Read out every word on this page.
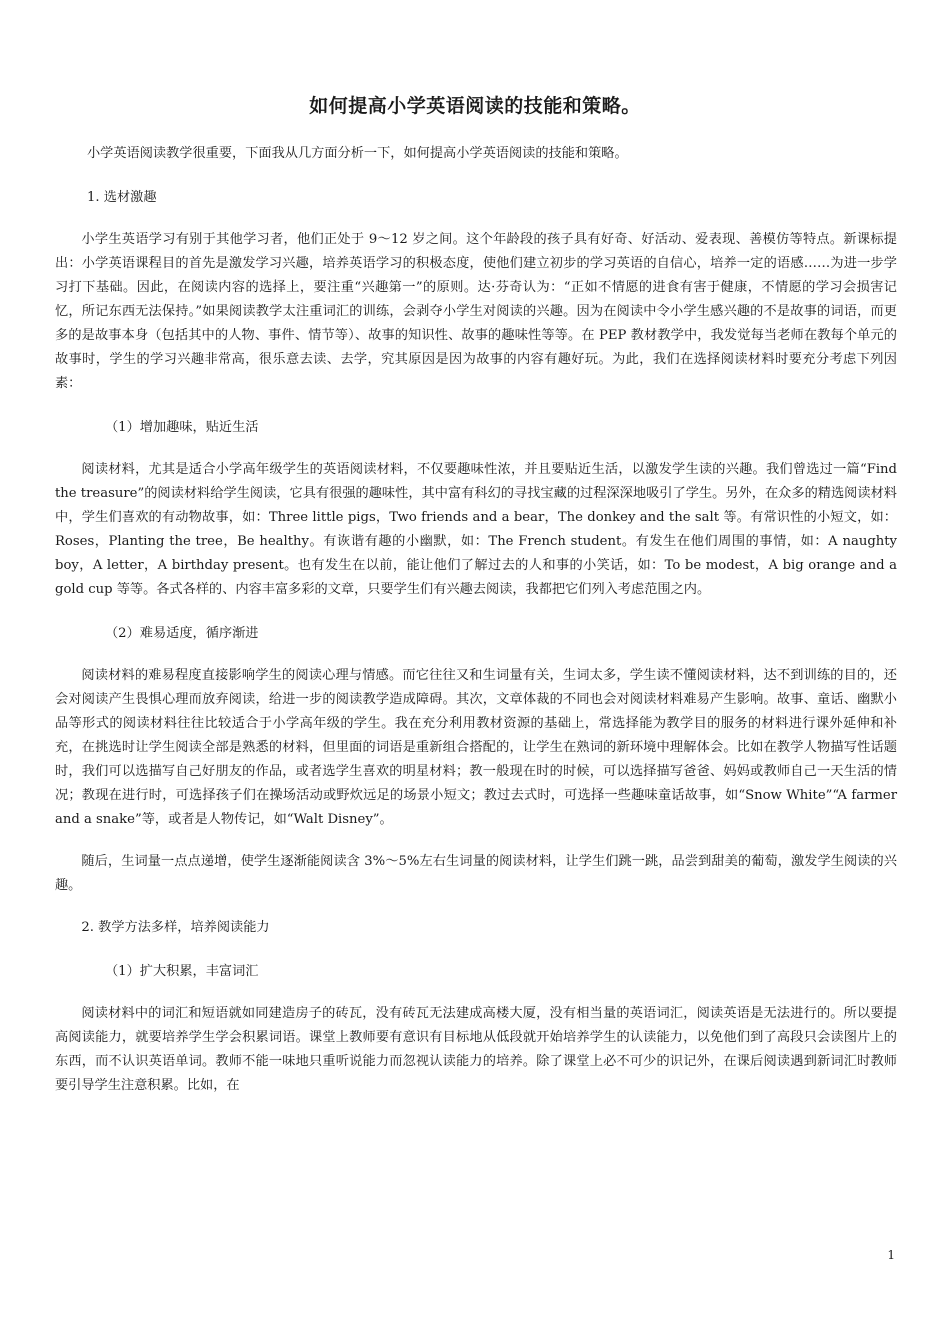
如何提高小学英语阅读的技能和策略。

小学英语阅读教学很重要，下面我从几方面分析一下，如何提高小学英语阅读的技能和策略。

1. 选材激趣

小学生英语学习有别于其他学习者，他们正处于 9～12 岁之间。这个年龄段的孩子具有好奇、好活动、爱表现、善模仿等特点。新课标提出：小学英语课程目的首先是激发学习兴趣，培养英语学习的积极态度，使他们建立初步的学习英语的自信心，培养一定的语感……为进一步学习打下基础。因此，在阅读内容的选择上，要注重“兴趣第一”的原则。达·芬奇认为：“正如不情愿的进食有害于健康，不情愿的学习会损害记忆，所记东西无法保持。”如果阅读教学太注重词汇的训练，会剥夺小学生对阅读的兴趣。因为在阅读中令小学生感兴趣的不是故事的词语，而更多的是故事本身（包括其中的人物、事件、情节等）、故事的知识性、故事的趣味性等等。在 PEP 教材教学中，我发觉每当老师在教每个单元的故事时，学生的学习兴趣非常高，很乐意去读、去学，究其原因是因为故事的内容有趣好玩。为此，我们在选择阅读材料时要充分考虑下列因素：

（1）增加趣味，贴近生活

阅读材料，尤其是适合小学高年级学生的英语阅读材料，不仅要趣味性浓，并且要贴近生活，以激发学生读的兴趣。我们曾选过一篇“Find the treasure”的阅读材料给学生阅读，它具有很强的趣味性，其中富有科幻的寻找宝藏的过程深深地吸引了学生。另外，在众多的精选阅读材料中，学生们喜欢的有动物故事，如：Three little pigs，Two friends and a bear，The donkey and the salt 等。有常识性的小短文，如：Roses，Planting the tree，Be healthy。有诙谐有趣的小幽默，如：The French student。有发生在他们周围的事情，如：A naughty boy，A letter，A birthday present。也有发生在以前，能让他们了解过去的人和事的小笑话，如：To be modest，A big orange and a gold cup 等等。各式各样的、内容丰富多彩的文章，只要学生们有兴趣去阅读，我都把它们列入考虑范围之内。

（2）难易适度，循序渐进

阅读材料的难易程度直接影响学生的阅读心理与情感。而它往往又和生词量有关，生词太多，学生读不懂阅读材料，达不到训练的目的，还会对阅读产生畏惧心理而放弃阅读，给进一步的阅读教学造成障碍。其次，文章体裁的不同也会对阅读材料难易产生影响。故事、童话、幽默小品等形式的阅读材料往往比较适合于小学高年级的学生。我在充分利用教材资源的基础上，常选择能为教学目的服务的材料进行课外延伸和补充，在挑选时让学生阅读全部是熟悉的材料，但里面的词语是重新组合搭配的，让学生在熟词的新环境中理解体会。比如在教学人物描写性话题时，我们可以选描写自己好朋友的作品，或者选学生喜欢的明星材料；教一般现在时的时候，可以选择描写爸爸、妈妈或教师自己一天生活的情况；教现在进行时，可选择孩子们在操场活动或野炊远足的场景小短文；教过去式时，可选择一些趣味童话故事，如“Snow White”“A farmer and a snake”等，或者是人物传记，如“Walt Disney”。

随后，生词量一点点递增，使学生逐渐能阅读含 3%～5%左右生词量的阅读材料，让学生们跳一跳，品尝到甜美的葡萄，激发学生阅读的兴趣。

2. 教学方法多样，培养阅读能力

（1）扩大积累，丰富词汇

阅读材料中的词汇和短语就如同建造房子的砖瓦，没有砖瓦无法建成高楼大厦，没有相当量的英语词汇，阅读英语是无法进行的。所以要提高阅读能力，就要培养学生学会积累词语。课堂上教师要有意识有目标地从低段就开始培养学生的认读能力，以免他们到了高段只会读图片上的东西，而不认识英语单词。教师不能一味地只重听说能力而忽视认读能力的培养。除了课堂上必不可少的识记外，在课后阅读遇到新词汇时教师要引导学生注意积累。比如，在

1
